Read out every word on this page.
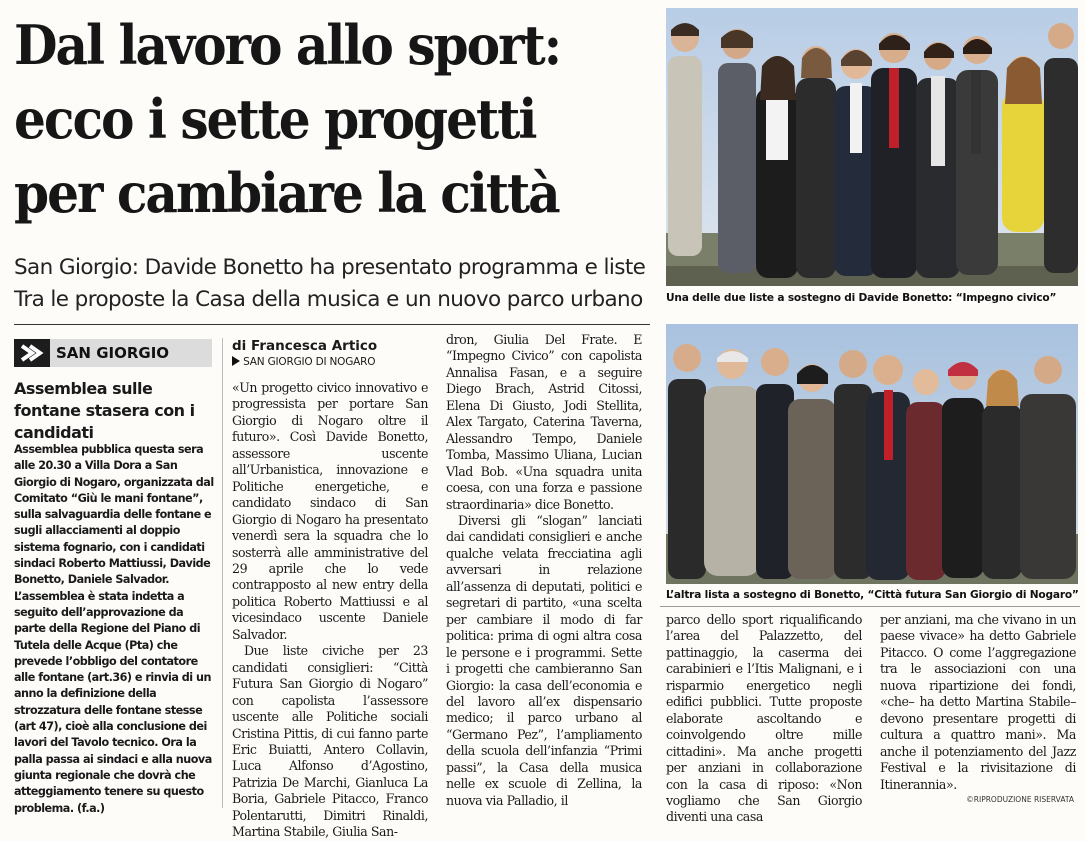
Dal lavoro allo sport:
ecco i sette progetti
per cambiare la città
San Giorgio: Davide Bonetto ha presentato programma e liste
Tra le proposte la Casa della musica e un nuovo parco urbano	Una delle due liste a sostegno di Davide Bonetto: “Impegno civico”
L’altra lista a sostegno di Bonetto, “Città futura San Giorgio di Nogaro”
SAN GIORGIO
Assemblea sulle fontane stasera con i candidati
Assemblea pubblica questa sera alle 20.30 a Villa Dora a San Giorgio di Nogaro, organizzata dal Comitato “Giù le mani fontane”, sulla salvaguardia delle fontane e sugli allacciamenti al doppio sistema fognario, con i candidati sindaci Roberto Mattiussi, Davide Bonetto, Daniele Salvador.
L’assemblea è stata indetta a seguito dell’approvazione da parte della Regione del Piano di Tutela delle Acque (Pta) che prevede l’obbligo del contatore alle fontane (art.36) e rinvia di un anno la definizione della strozzatura delle fontane stesse (art 47), cioè alla conclusione dei lavori del Tavolo tecnico. Ora la palla passa ai sindaci e alla nuova giunta regionale che dovrà che atteggiamento tenere su questo problema. (f.a.)
di Francesca Artico
SAN GIORGIO DI NOGARO

«Un progetto civico innovativo e progressista per portare San Giorgio di Nogaro oltre il futuro». Così Davide Bonetto, assessore uscente all’Urbanistica, innovazione e Politiche energetiche, e candidato sindaco di San Giorgio di Nogaro ha presentato venerdì sera la squadra che lo sosterrà alle amministrative del 29 aprile che lo vede contrapposto al new entry della politica Roberto Mattiussi e al vicesindaco uscente Daniele Salvador.

Due liste civiche per 23 candidati consiglieri: “Città Futura San Giorgio di Nogaro” con capolista l’assessore uscente alle Politiche sociali Cristina Pittis, di cui fanno parte Eric Buiatti, Antero Collavin, Luca Alfonso d’Agostino, Patrizia De Marchi, Gianluca La Boria, Gabriele Pitacco, Franco Polentarutti, Dimitri Rinaldi, Martina Stabile, Giulia San-

dron, Giulia Del Frate. E “Impegno Civico” con capolista Annalisa Fasan, e a seguire Diego Brach, Astrid Citossi, Elena Di Giusto, Jodi Stellita, Alex Targato, Caterina Taverna, Alessandro Tempo, Daniele Tomba, Massimo Uliana, Lucian Vlad Bob. «Una squadra unita coesa, con una forza e passione straordinaria» dice Bonetto.

Diversi gli “slogan” lanciati dai candidati consiglieri e anche qualche velata frecciatina agli avversari in relazione all’assenza di deputati, politici e segretari di partito, «una scelta per cambiare il modo di far politica: prima di ogni altra cosa le persone e i programmi. Sette i progetti che cambieranno San Giorgio: la casa dell’economia e del lavoro all’ex dispensario medico; il parco urbano al “Germano Pez”, l’ampliamento della scuola dell’infanzia “Primi passi”, la Casa della musica nelle ex scuole di Zellina, la nuova via Palladio, il

parco dello sport riqualificando l’area del Palazzetto, del pattinaggio, la caserma dei carabinieri e l’Itis Malignani, e i risparmio energetico negli edifici pubblici. Tutte proposte elaborate ascoltando e coinvolgendo oltre mille cittadini». Ma anche progetti per anziani in collaborazione con la casa di riposo: «Non vogliamo che San Giorgio diventi una casa

per anziani, ma che vivano in un paese vivace» ha detto Gabriele Pitacco. O come l’aggregazione tra le associazioni con una nuova ripartizione dei fondi, «che– ha detto Martina Stabile– devono presentare progetti di cultura a quattro mani». Ma anche il potenziamento del Jazz Festival e la rivisitazione di Itinerannia».

©RIPRODUZIONE RISERVATA
